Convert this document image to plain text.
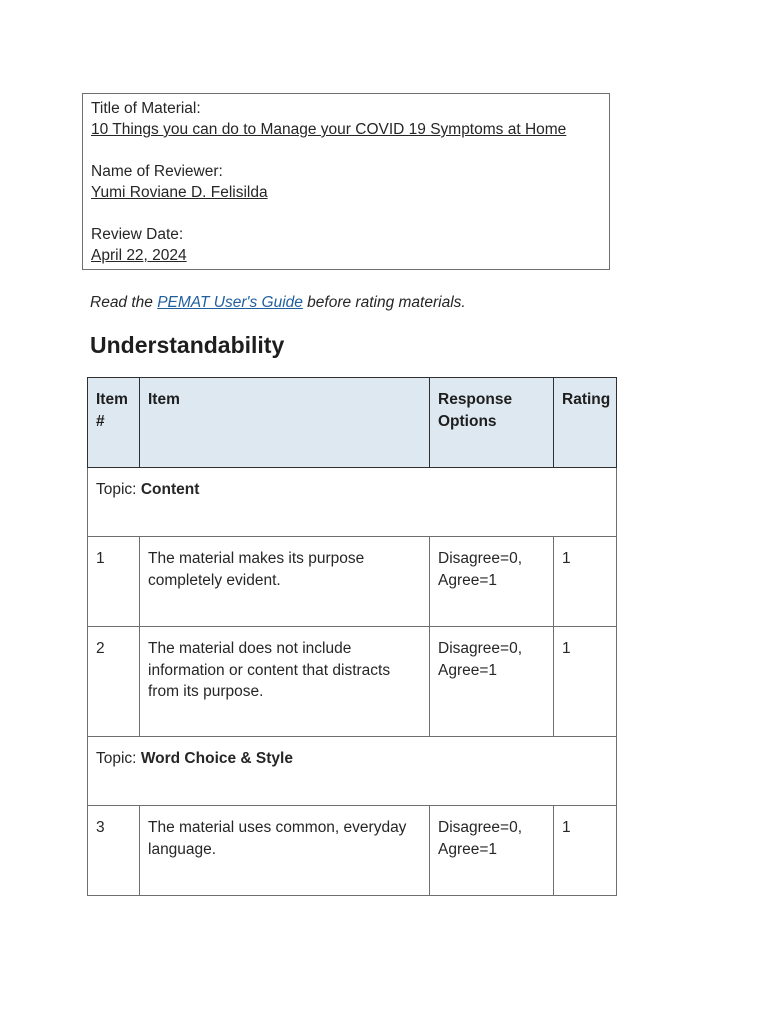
Title of Material:
10 Things you can do to Manage your COVID 19 Symptoms at Home
Name of Reviewer:
Yumi Roviane D. Felisilda
Review Date:
April 22, 2024
Read the PEMAT User's Guide before rating materials.
Understandability
Item #	Item	Response Options	Rating
Topic: Content			
1	The material makes its purpose completely evident.	Disagree=0, Agree=1	1
2	The material does not include information or content that distracts from its purpose.	Disagree=0, Agree=1	1
Topic: Word Choice & Style			
3	The material uses common, everyday language.	Disagree=0, Agree=1	1
